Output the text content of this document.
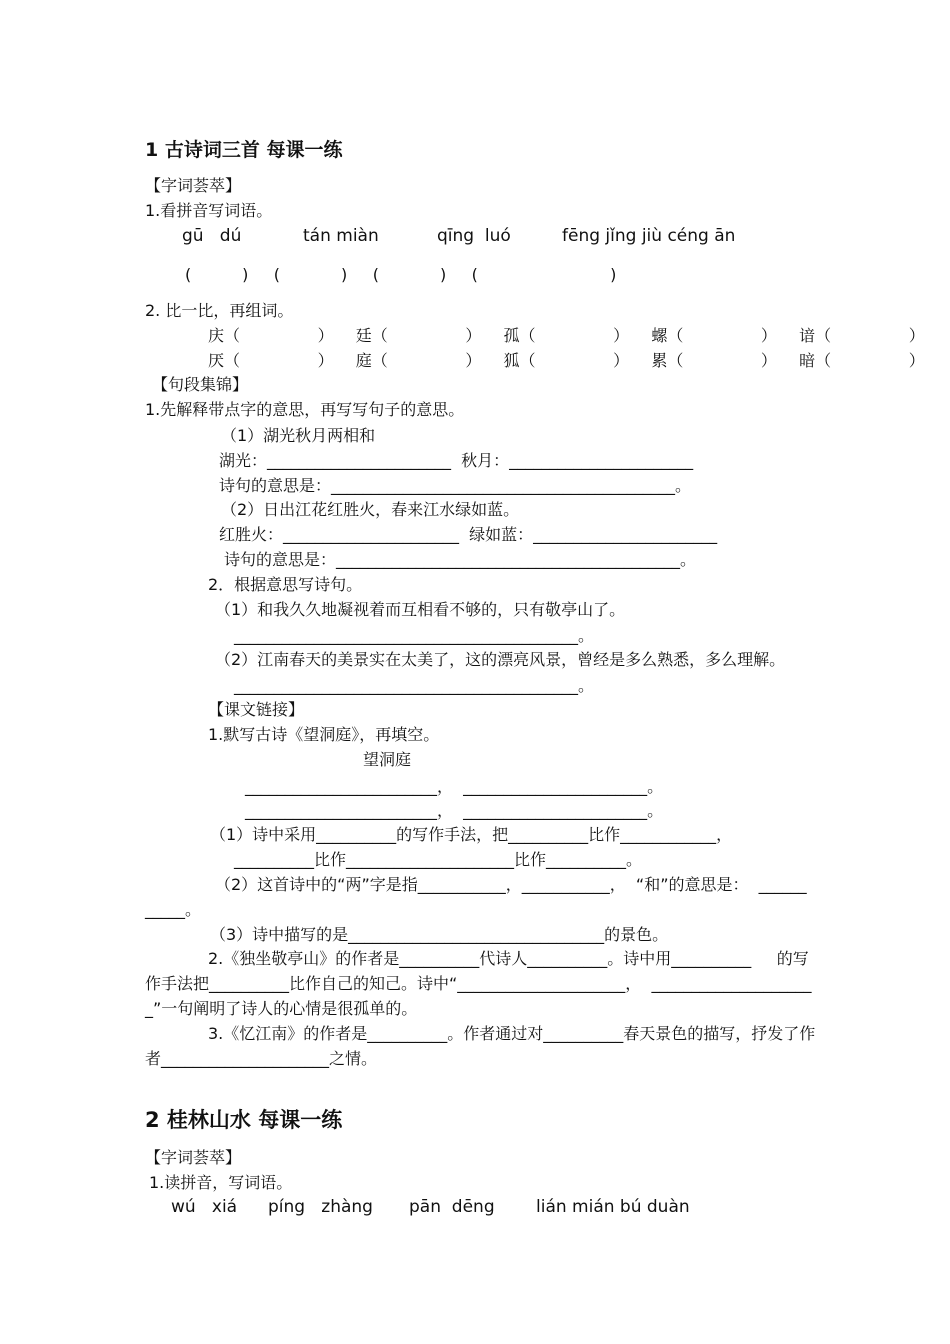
1 古诗词三首 每课一练
【字词荟萃】
1.看拼音写词语。
gū   dú	tán miàn	qīng  luó	fēng jǐng jiù céng ān
(          )     (            )     (            )     (                          )
2. 比一比，再组词。
庆（       ）  廷（       ）  孤（       ）  螺（       ）  谙（       ）
厌（       ）  庭（       ）  狐（       ）  累（       ）  暗（       ）
【句段集锦】
1.先解释带点字的意思，再写写句子的意思。
（1）湖光秋月两相和
湖光：_______________________  秋月：_______________________
诗句的意思是：___________________________________________。
（2）日出江花红胜火，春来江水绿如蓝。
红胜火：______________________  绿如蓝：_______________________
诗句的意思是：___________________________________________。
2．根据意思写诗句。
（1）和我久久地凝视着而互相看不够的，只有敬亭山了。
___________________________________________。
（2）江南春天的美景实在太美了，这的漂亮风景，曾经是多么熟悉，多么理解。
___________________________________________。
【课文链接】
1.默写古诗《望洞庭》，再填空。
望洞庭
________________________，  _______________________。
________________________，  _______________________。
（1）诗中采用__________的写作手法，把__________比作____________，
__________比作_____________________比作__________。
（2）这首诗中的“两”字是指___________，___________，  “和”的意思是：  ______
_____。
（3）诗中描写的是________________________________的景色。
2.《独坐敬亭山》的作者是__________代诗人__________。诗中用__________     的写
作手法把__________比作自己的知己。诗中“_____________________，  ____________________
_”一句阐明了诗人的心情是很孤单的。
3.《忆江南》的作者是__________。作者通过对__________春天景色的描写，抒发了作
者_____________________之情。
2 桂林山水 每课一练
【字词荟萃】
1.读拼音，写词语。
wú   xiá píng   zhàng pān  dēng lián mián bú duàn
